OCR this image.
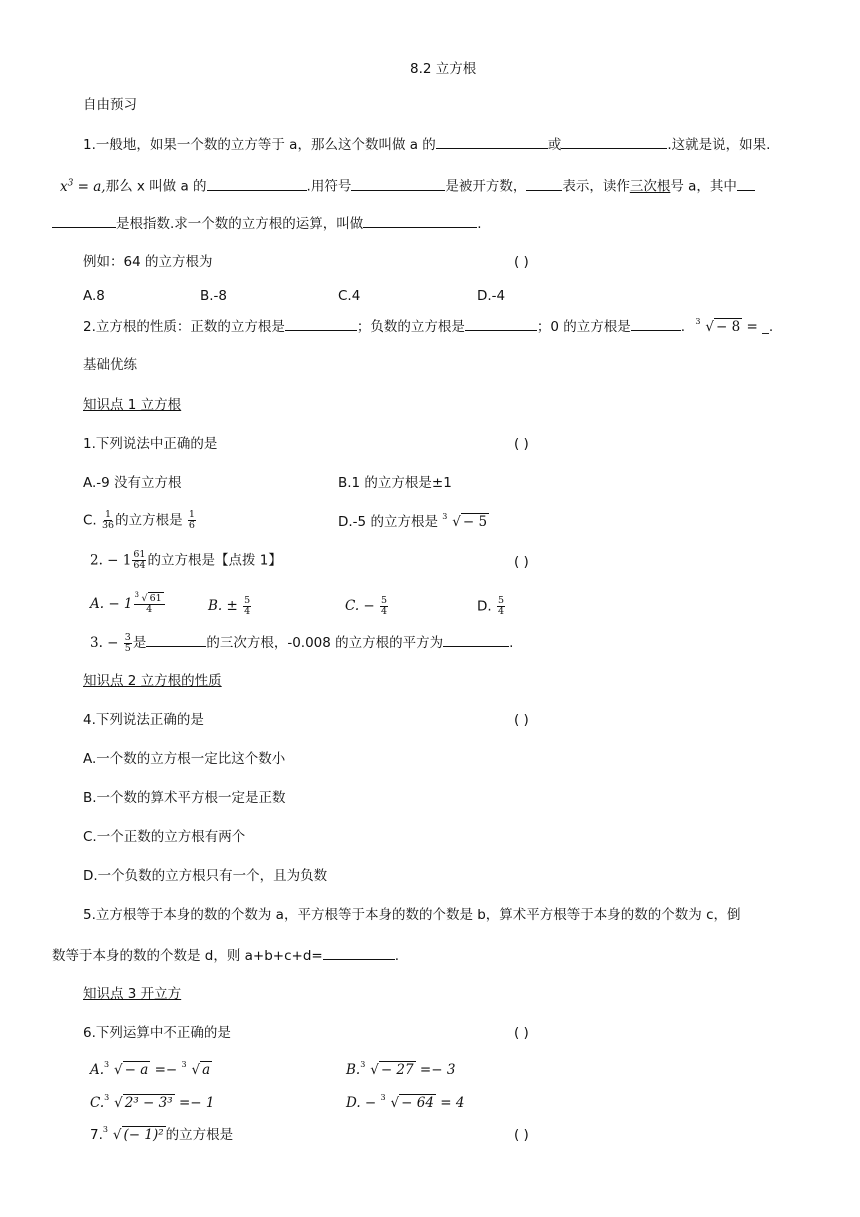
8.2 立方根
自由预习
1.一般地，如果一个数的立方等于 a，那么这个数叫做 a 的	或	.这就是说，如果.
$x^3 = a$,那么 x 叫做 a 的	.用符号	是被开方数，	表示，读作三次根号 a，其中
是根指数.求一个数的立方根的运算，叫做	.
例如：64 的立方根为	( )
A.8	B.-8	C.4	D.-4
2.立方根的性质：正数的立方根是	；负数的立方根是	；0 的立方根是	. 3 √ − 8 = _.
基础优练
知识点 1 立方根
1.下列说法中正确的是	( )
A.-9 没有立方根	B.1 的立方根是±1
C. $\frac{1}{36}$ 的立方根是 $\frac{1}{6}$	D.-5 的立方根是 3 √ − 5
2. − $1 \frac{61}{64}$ 的立方根是【点拨 1】	( )
A. − $1 \frac{3 √ 61}{4}$	B. ± $\frac{5}{4}$	C. − $\frac{5}{4}$	D. $\frac{5}{4}$
3. − $\frac{3}{5}$ 是	的三次方根，-0.008 的立方根的平方为	.
知识点 2 立方根的性质
4.下列说法正确的是	( )
A.一个数的立方根一定比这个数小
B.一个数的算术平方根一定是正数
C.一个正数的立方根有两个
D.一个负数的立方根只有一个，且为负数
5.立方根等于本身的数的个数为 a，平方根等于本身的数的个数是 b，算术平方根等于本身的数的个数为 c，倒
数等于本身的数的个数是 d，则 a+b+c+d=	.
知识点 3 开立方
6.下列运算中不正确的是	( )
A. 3 √ − a =− 3 √ a	B. 3 √ − 27 =− 3
C. 3 √ 2³ − 3³ =− 1	D. − 3 √ − 64 = 4
7. 3 √ (− 1)² 的立方根是	( )
